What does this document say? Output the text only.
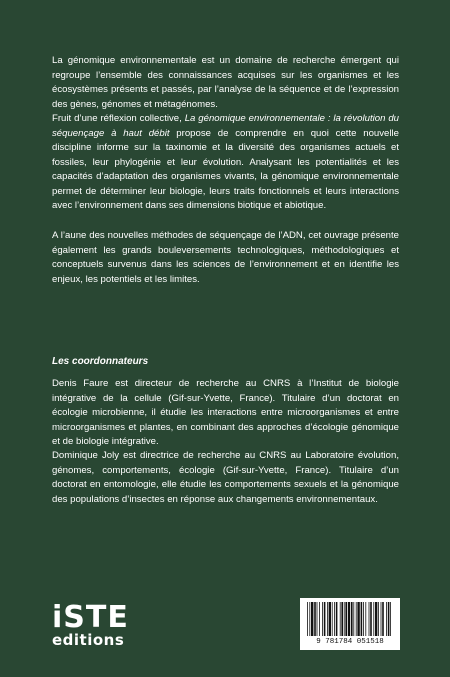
La génomique environnementale est un domaine de recherche émergent qui regroupe l’ensemble des connaissances acquises sur les organismes et les écosystèmes présents et passés, par l’analyse de la séquence et de l’expression des gènes, génomes et métagénomes.

Fruit d’une réflexion collective, La génomique environnementale : la révolution du séquençage à haut débit propose de comprendre en quoi cette nouvelle discipline informe sur la taxinomie et la diversité des organismes actuels et fossiles, leur phylogénie et leur évolution. Analysant les potentialités et les capacités d’adaptation des organismes vivants, la génomique environnementale permet de déterminer leur biologie, leurs traits fonctionnels et leurs interactions avec l’environnement dans ses dimensions biotique et abiotique.

A l’aune des nouvelles méthodes de séquençage de l’ADN, cet ouvrage présente également les grands bouleversements technologiques, méthodologiques et conceptuels survenus dans les sciences de l’environnement et en identifie les enjeux, les potentiels et les limites.

Les coordonnateurs

Denis Faure est directeur de recherche au CNRS à l’Institut de biologie intégrative de la cellule (Gif-sur-Yvette, France). Titulaire d’un doctorat en écologie microbienne, il étudie les interactions entre microorganismes et entre microorganismes et plantes, en combinant des approches d’écologie génomique et de biologie intégrative.

Dominique Joly est directrice de recherche au CNRS au Laboratoire évolution, génomes, comportements, écologie (Gif-sur-Yvette, France). Titulaire d’un doctorat en entomologie, elle étudie les comportements sexuels et la génomique des populations d’insectes en réponse aux changements environnementaux.

iSTE
editions	9 781784 051518
